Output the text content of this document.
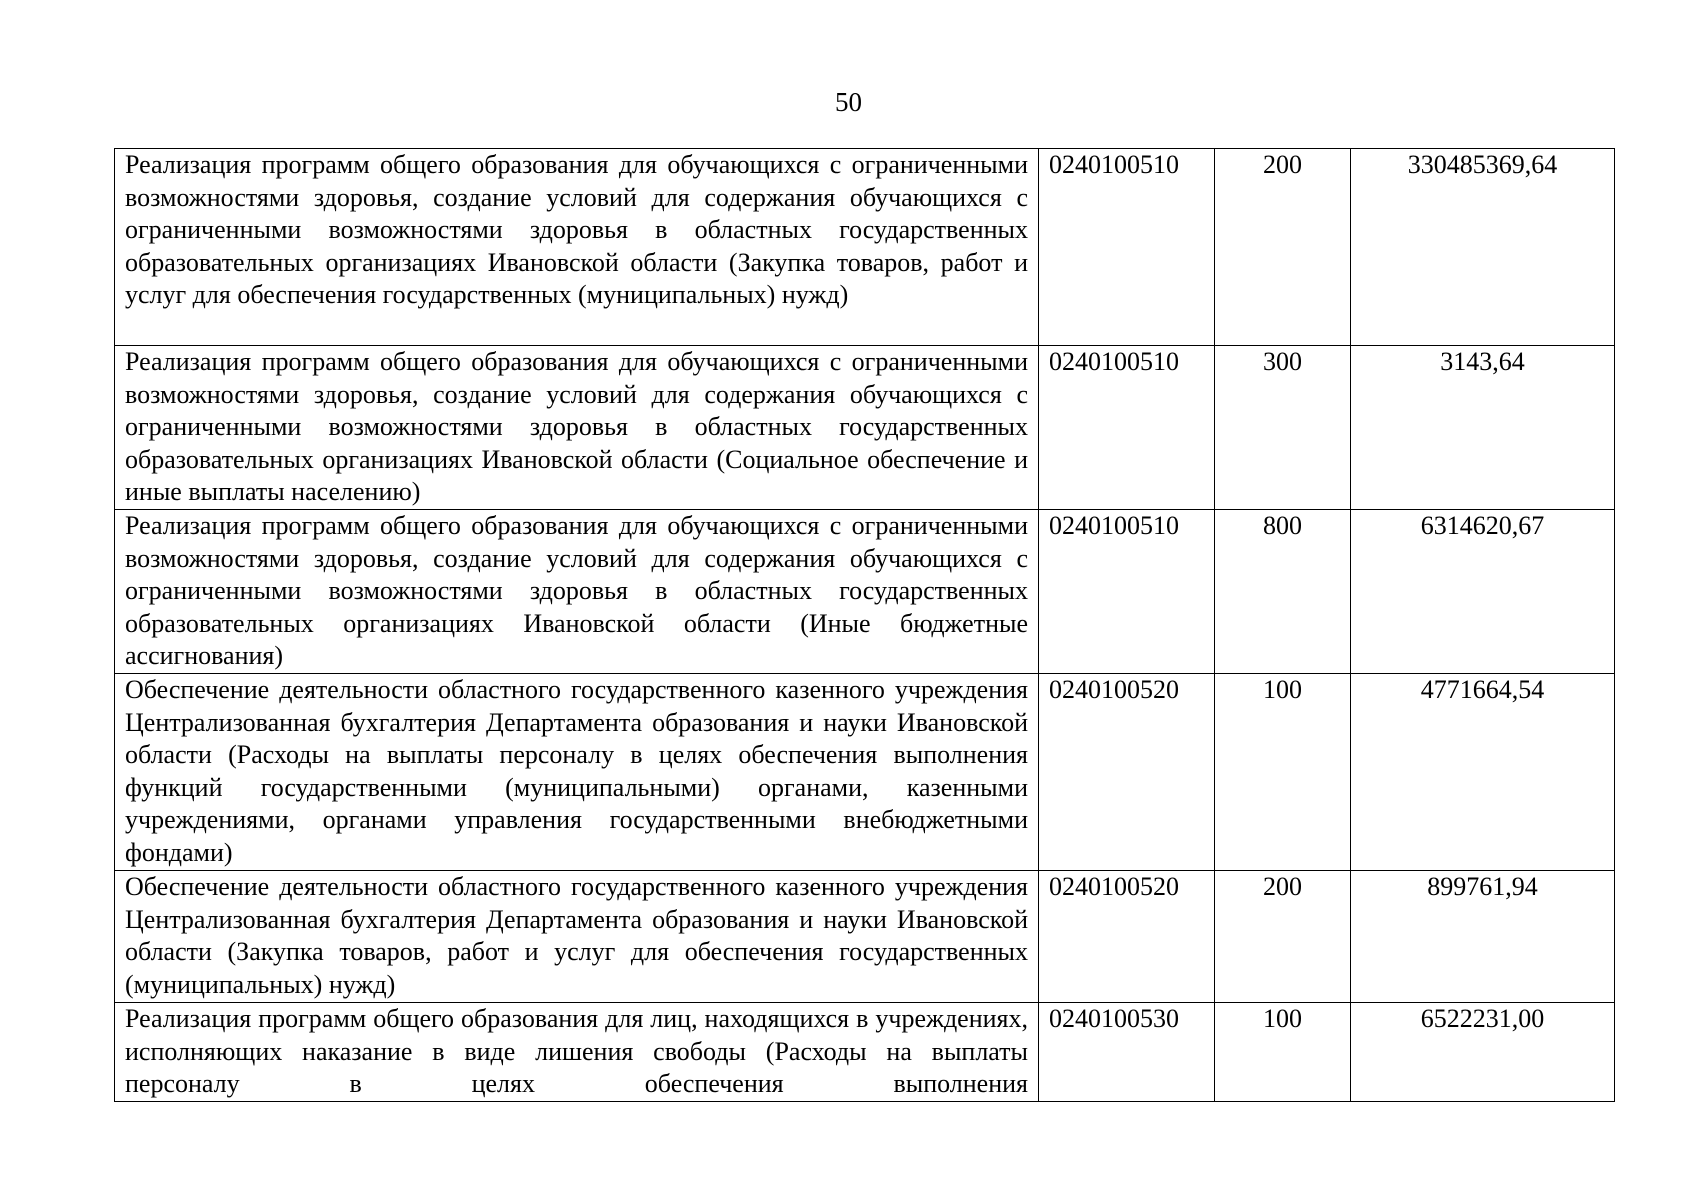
50
Реализация программ общего образования для обучающихся с ограниченными возможностями здоровья, создание условий для содержания обучающихся с ограниченными возможностями здоровья в областных государственных образовательных организациях Ивановской области (Закупка товаров, работ и услуг для обеспечения государственных (муниципальных) нужд)	0240100510	200	330485369,64
Реализация программ общего образования для обучающихся с ограниченными возможностями здоровья, создание условий для содержания обучающихся с ограниченными возможностями здоровья в областных государственных образовательных организациях Ивановской области (Социальное обеспечение и иные выплаты населению)	0240100510	300	3143,64
Реализация программ общего образования для обучающихся с ограниченными возможностями здоровья, создание условий для содержания обучающихся с ограниченными возможностями здоровья в областных государственных образовательных организациях Ивановской области (Иные бюджетные ассигнования)	0240100510	800	6314620,67
Обеспечение деятельности областного государственного казенного учреждения Централизованная бухгалтерия Департамента образования и науки Ивановской области (Расходы на выплаты персоналу в целях обеспечения выполнения функций государственными (муниципальными) органами, казенными учреждениями, органами управления государственными внебюджетными фондами)	0240100520	100	4771664,54
Обеспечение деятельности областного государственного казенного учреждения Централизованная бухгалтерия Департамента образования и науки Ивановской области (Закупка товаров, работ и услуг для обеспечения государственных (муниципальных) нужд)	0240100520	200	899761,94

Реализация программ общего образования для лиц, находящихся в учреждениях, исполняющих наказание в виде лишения свободы (Расходы на выплаты персоналу в целях обеспечения выполнения	0240100530	100	6522231,00
